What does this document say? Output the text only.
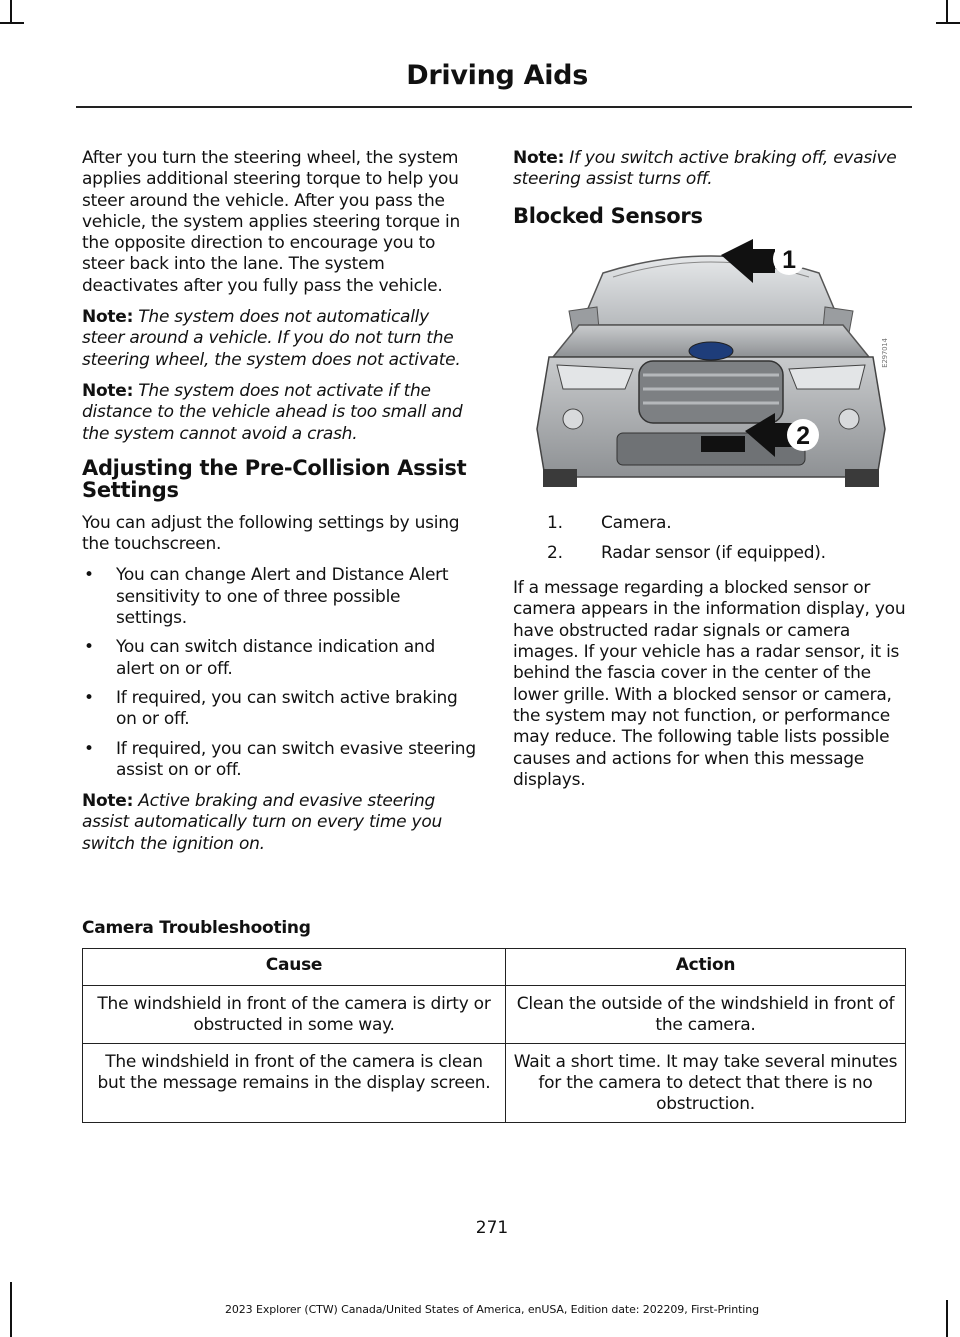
Driving Aids

After you turn the steering wheel, the system applies additional steering torque to help you steer around the vehicle. After you pass the vehicle, the system applies steering torque in the opposite direction to encourage you to steer back into the lane. The system deactivates after you fully pass the vehicle.

Note: The system does not automatically steer around a vehicle. If you do not turn the steering wheel, the system does not activate.

Note: The system does not activate if the distance to the vehicle ahead is too small and the system cannot avoid a crash.

Adjusting the Pre-Collision Assist Settings

You can adjust the following settings by using the touchscreen.

• You can change Alert and Distance Alert sensitivity to one of three possible settings.
• You can switch distance indication and alert on or off.
• If required, you can switch active braking on or off.
• If required, you can switch evasive steering assist on or off.

Note: Active braking and evasive steering assist automatically turn on every time you switch the ignition on.

Note: If you switch active braking off, evasive steering assist turns off.

Blocked Sensors
1
2
E297014
1. Camera.
2. Radar sensor (if equipped).

If a message regarding a blocked sensor or camera appears in the information display, you have obstructed radar signals or camera images. If your vehicle has a radar sensor, it is behind the fascia cover in the center of the lower grille. With a blocked sensor or camera, the system may not function, or performance may reduce. The following table lists possible causes and actions for when this message displays.

Camera Troubleshooting
Cause	Action
The windshield in front of the camera is dirty or obstructed in some way.	Clean the outside of the windshield in front of the camera.
The windshield in front of the camera is clean but the message remains in the display screen.	Wait a short time. It may take several minutes for the camera to detect that there is no obstruction.
271
2023 Explorer (CTW) Canada/United States of America, enUSA, Edition date: 202209, First-Printing
